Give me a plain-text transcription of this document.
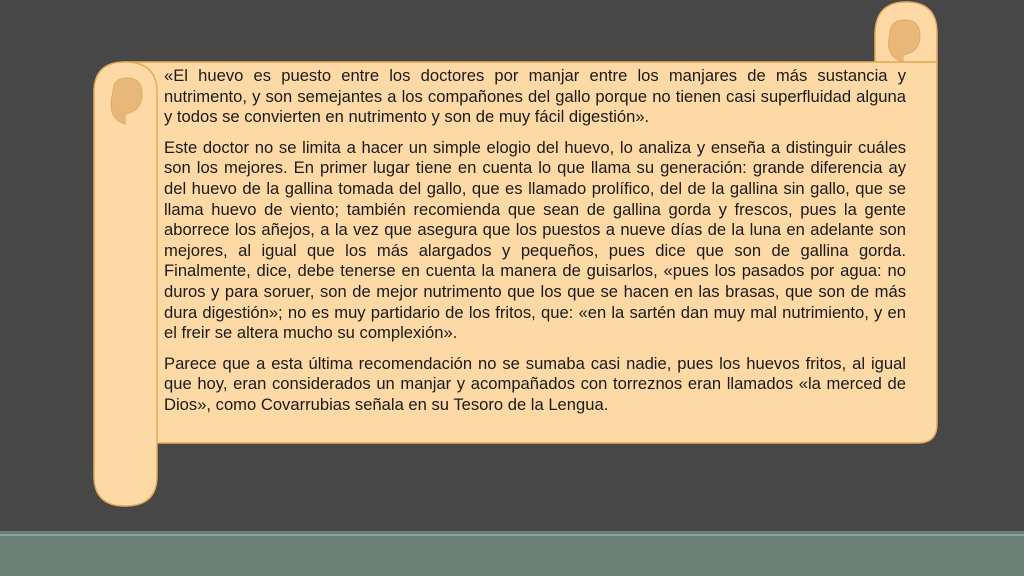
«El huevo es puesto entre los doctores por manjar entre los manjares de más sustancia y nutrimento, y son semejantes a los compañones del gallo porque no tienen casi superfluidad alguna y todos se convierten en nutrimento y son de muy fácil digestión».

Este doctor no se limita a hacer un simple elogio del huevo, lo analiza y enseña a distinguir cuáles son los mejores. En primer lugar tiene en cuenta lo que llama su generación: grande diferencia ay del huevo de la gallina tomada del gallo, que es llamado prolífico, del de la gallina sin gallo, que se llama huevo de viento; también recomienda que sean de gallina gorda y frescos, pues la gente aborrece los añejos, a la vez que asegura que los puestos a nueve días de la luna en adelante son mejores, al igual que los más alargados y pequeños, pues dice que son de gallina gorda. Finalmente, dice, debe tenerse en cuenta la manera de guisarlos, «pues los pasados por agua: no duros y para soruer, son de mejor nutrimento que los que se hacen en las brasas, que son de más dura digestión»; no es muy partidario de los fritos, que: «en la sartén dan muy mal nutrimiento, y en el freir se altera mucho su complexión».

Parece que a esta última recomendación no se sumaba casi nadie, pues los huevos fritos, al igual que hoy, eran considerados un manjar y acompañados con torreznos eran llamados «la merced de Dios», como Covarrubias señala en su Tesoro de la Lengua.
